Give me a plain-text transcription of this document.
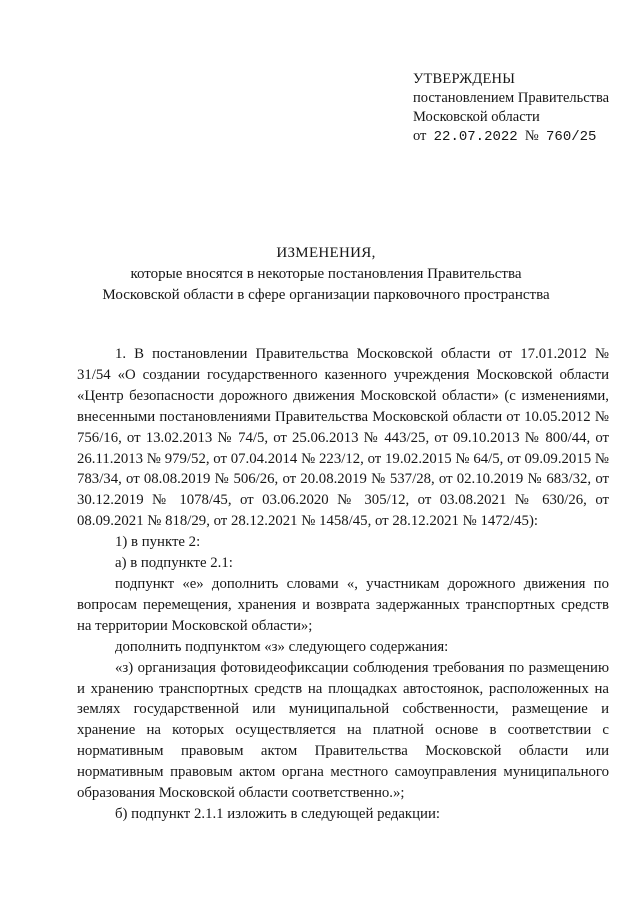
УТВЕРЖДЕНЫ
постановлением Правительства
Московской области
от 22.07.2022 № 760/25
ИЗМЕНЕНИЯ,
которые вносятся в некоторые постановления Правительства
Московской области в сфере организации парковочного пространства

1. В постановлении Правительства Московской области от 17.01.2012 № 31/54 «О создании государственного казенного учреждения Московской области «Центр безопасности дорожного движения Московской области» (с изменениями, внесенными постановлениями Правительства Московской области от 10.05.2012 № 756/16, от 13.02.2013 № 74/5, от 25.06.2013 № 443/25, от 09.10.2013 № 800/44, от 26.11.2013 № 979/52, от 07.04.2014 № 223/12, от 19.02.2015 № 64/5, от 09.09.2015 № 783/34, от 08.08.2019 № 506/26, от 20.08.2019 № 537/28, от 02.10.2019 № 683/32, от 30.12.2019 № 1078/45, от 03.06.2020 № 305/12, от 03.08.2021 № 630/26, от 08.09.2021 № 818/29, от 28.12.2021 № 1458/45, от 28.12.2021 № 1472/45):

1) в пункте 2:

а) в подпункте 2.1:

подпункт «е» дополнить словами «, участникам дорожного движения по вопросам перемещения, хранения и возврата задержанных транспортных средств на территории Московской области»;

дополнить подпунктом «з» следующего содержания:

«з) организация фотовидеофиксации соблюдения требования по размещению и хранению транспортных средств на площадках автостоянок, расположенных на землях государственной или муниципальной собственности, размещение и хранение на которых осуществляется на платной основе в соответствии с нормативным правовым актом Правительства Московской области или нормативным правовым актом органа местного самоуправления муниципального образования Московской области соответственно.»;

б) подпункт 2.1.1 изложить в следующей редакции:
